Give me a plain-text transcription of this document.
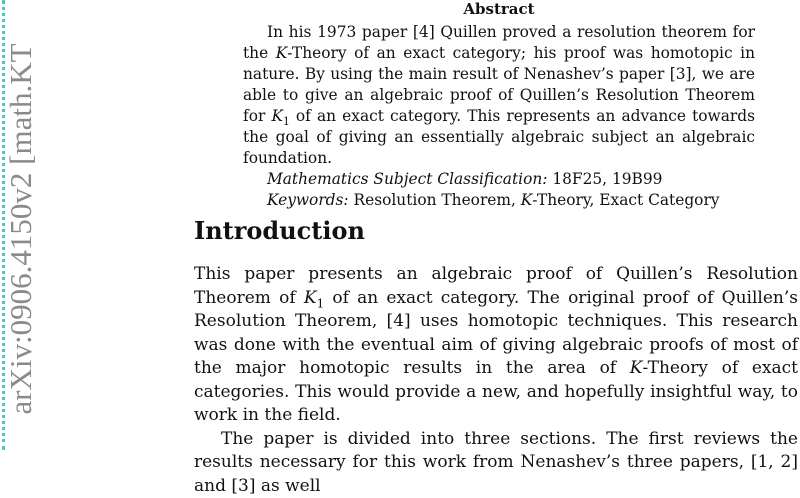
arXiv:0906.4150v2 [math.KT
Abstract

In his 1973 paper [4] Quillen proved a resolution theorem for the K-Theory of an exact category; his proof was homotopic in nature. By using the main result of Nenashev’s paper [3], we are able to give an algebraic proof of Quillen’s Resolution Theorem for $K_1$ of an exact category. This represents an advance towards the goal of giving an essentially algebraic subject an algebraic foundation.

Mathematics Subject Classification: 18F25, 19B99
Keywords: Resolution Theorem, K-Theory, Exact Category
Introduction

This paper presents an algebraic proof of Quillen’s Resolution Theorem of $K_1$ of an exact category. The original proof of Quillen’s Resolution Theorem, [4] uses homotopic techniques. This research was done with the eventual aim of giving algebraic proofs of most of the major homotopic results in the area of K-Theory of exact categories. This would provide a new, and hopefully insightful way, to work in the field.

The paper is divided into three sections. The first reviews the results necessary for this work from Nenashev’s three papers, [1, 2] and [3] as well
